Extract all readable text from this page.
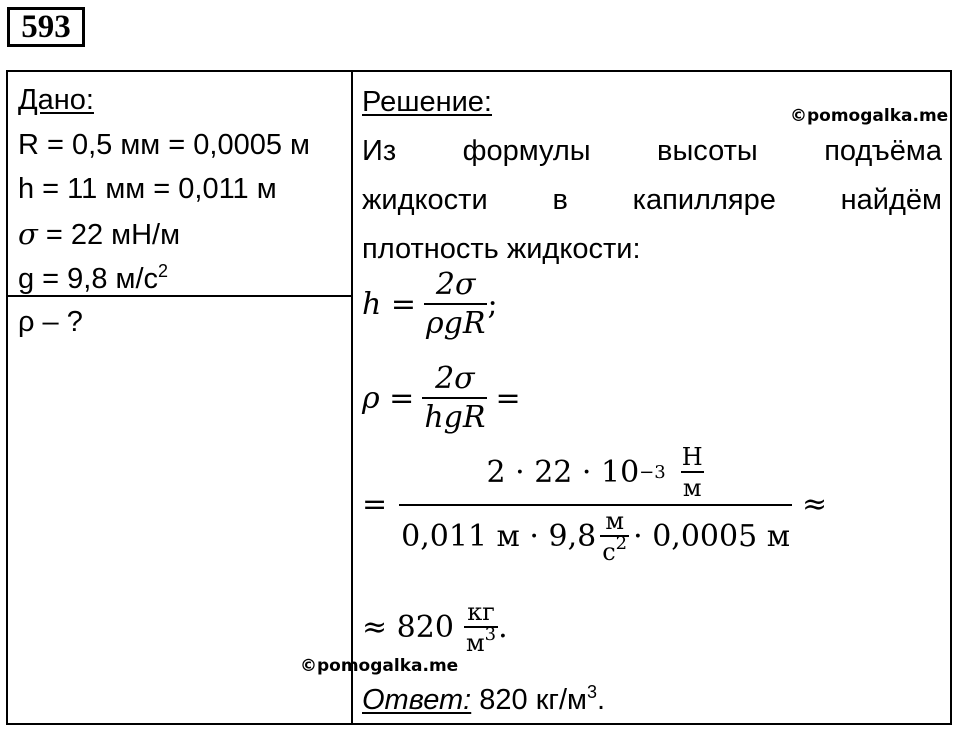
593
Дано:
R = 0,5 мм = 0,0005 м
h = 11 мм = 0,011 м
σ = 22 мН/м
g = 9,8 $м/с^2$
ρ – ?
Решение:
Из формулы высоты подъёма
жидкости в капилляре найдём
плотность жидкости:
©pomogalka.me
$h = \frac{2\sigma}{\text{ρgR}}$ ;
$\rho = \frac{2\sigma}{\text{hgR}}$ =
=
$2 \cdot 22 \cdot 10 -3 \frac{Н}{м}$
0,011 $м \cdot 9,8 \frac{м}{с^2} \cdot 0,0005$ м
≈
≈ $820 \frac{кг}{м^3}$ .
©pomogalka.me
Ответ: 820 $кг/м^3$.
